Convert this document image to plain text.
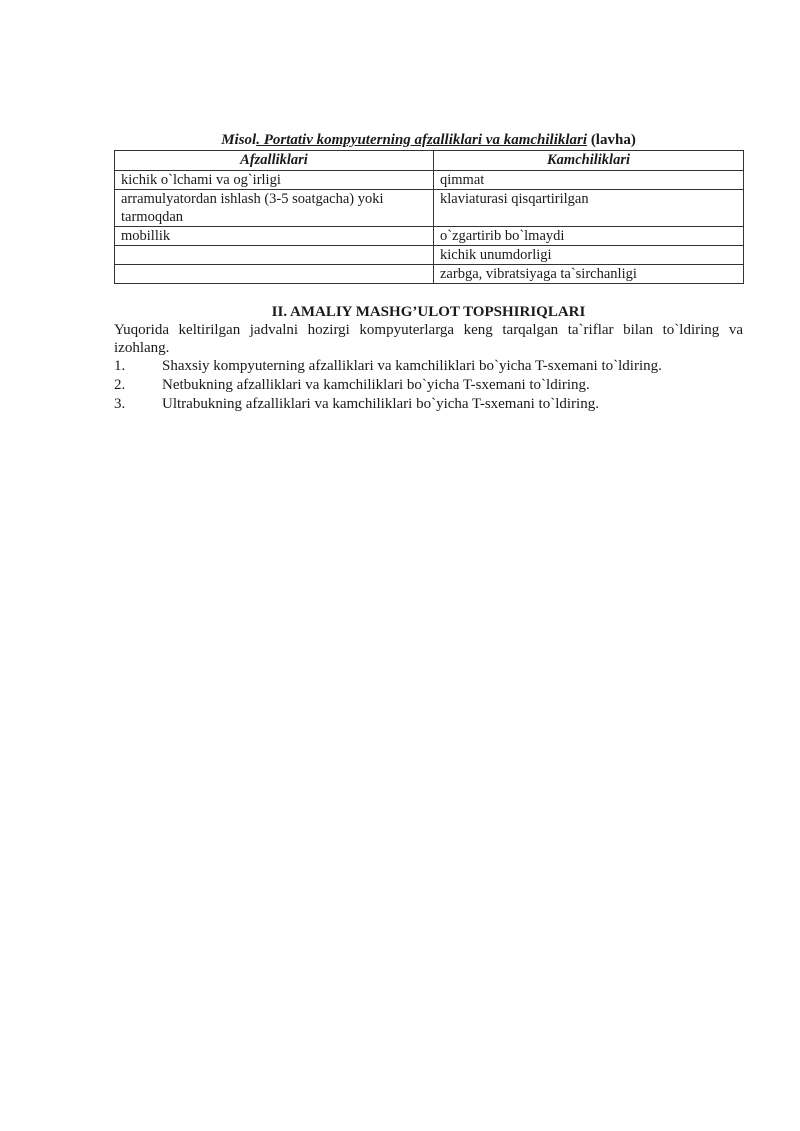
Misol. Portativ kompyuterning afzalliklari va kamchiliklari (lavha)
Afzalliklari	Kamchiliklari
kichik o`lchami va og`irligi	qimmat
arramulyatordan ishlash (3-5 soatgacha) yoki tarmoqdan	klaviaturasi qisqartirilgan
mobillik	o`zgartirib bo`lmaydi
	kichik unumdorligi
	zarbga, vibratsiyaga ta`sirchanligi
II. AMALIY MASHG’ULOT TOPSHIRIQLARI
Yuqorida keltirilgan jadvalni hozirgi kompyuterlarga keng tarqalgan ta`riflar bilan to`ldiring va izohlang.
1.	Shaxsiy kompyuterning afzalliklari va kamchiliklari bo`yicha T-sxemani to`ldiring.
2.	Netbukning afzalliklari va kamchiliklari bo`yicha T-sxemani to`ldiring.
3.	Ultrabukning afzalliklari va kamchiliklari bo`yicha T-sxemani to`ldiring.
